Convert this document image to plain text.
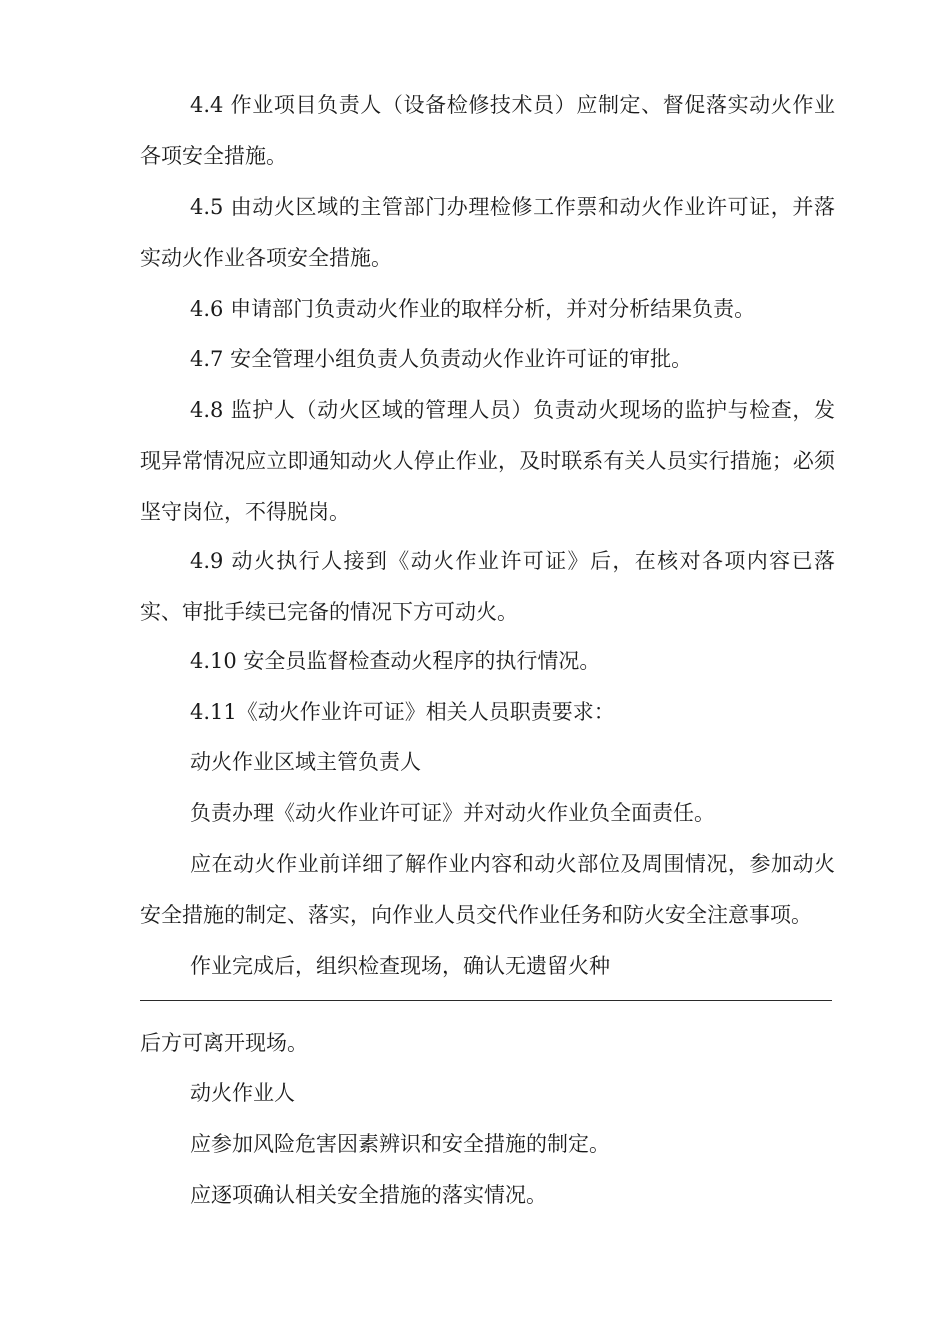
4.4 作业项目负责人（设备检修技术员）应制定、督促落实动火作业各项安全措施。

4.5 由动火区域的主管部门办理检修工作票和动火作业许可证，并落实动火作业各项安全措施。

4.6 申请部门负责动火作业的取样分析，并对分析结果负责。

4.7 安全管理小组负责人负责动火作业许可证的审批。

4.8 监护人（动火区域的管理人员）负责动火现场的监护与检查，发现异常情况应立即通知动火人停止作业，及时联系有关人员实行措施；必须坚守岗位，不得脱岗。

4.9 动火执行人接到《动火作业许可证》后，在核对各项内容已落实、审批手续已完备的情况下方可动火。

4.10 安全员监督检查动火程序的执行情况。

4.11《动火作业许可证》相关人员职责要求：

动火作业区域主管负责人

负责办理《动火作业许可证》并对动火作业负全面责任。

应在动火作业前详细了解作业内容和动火部位及周围情况，参加动火安全措施的制定、落实，向作业人员交代作业任务和防火安全注意事项。

作业完成后，组织检查现场，确认无遗留火种

后方可离开现场。

动火作业人

应参加风险危害因素辨识和安全措施的制定。

应逐项确认相关安全措施的落实情况。
